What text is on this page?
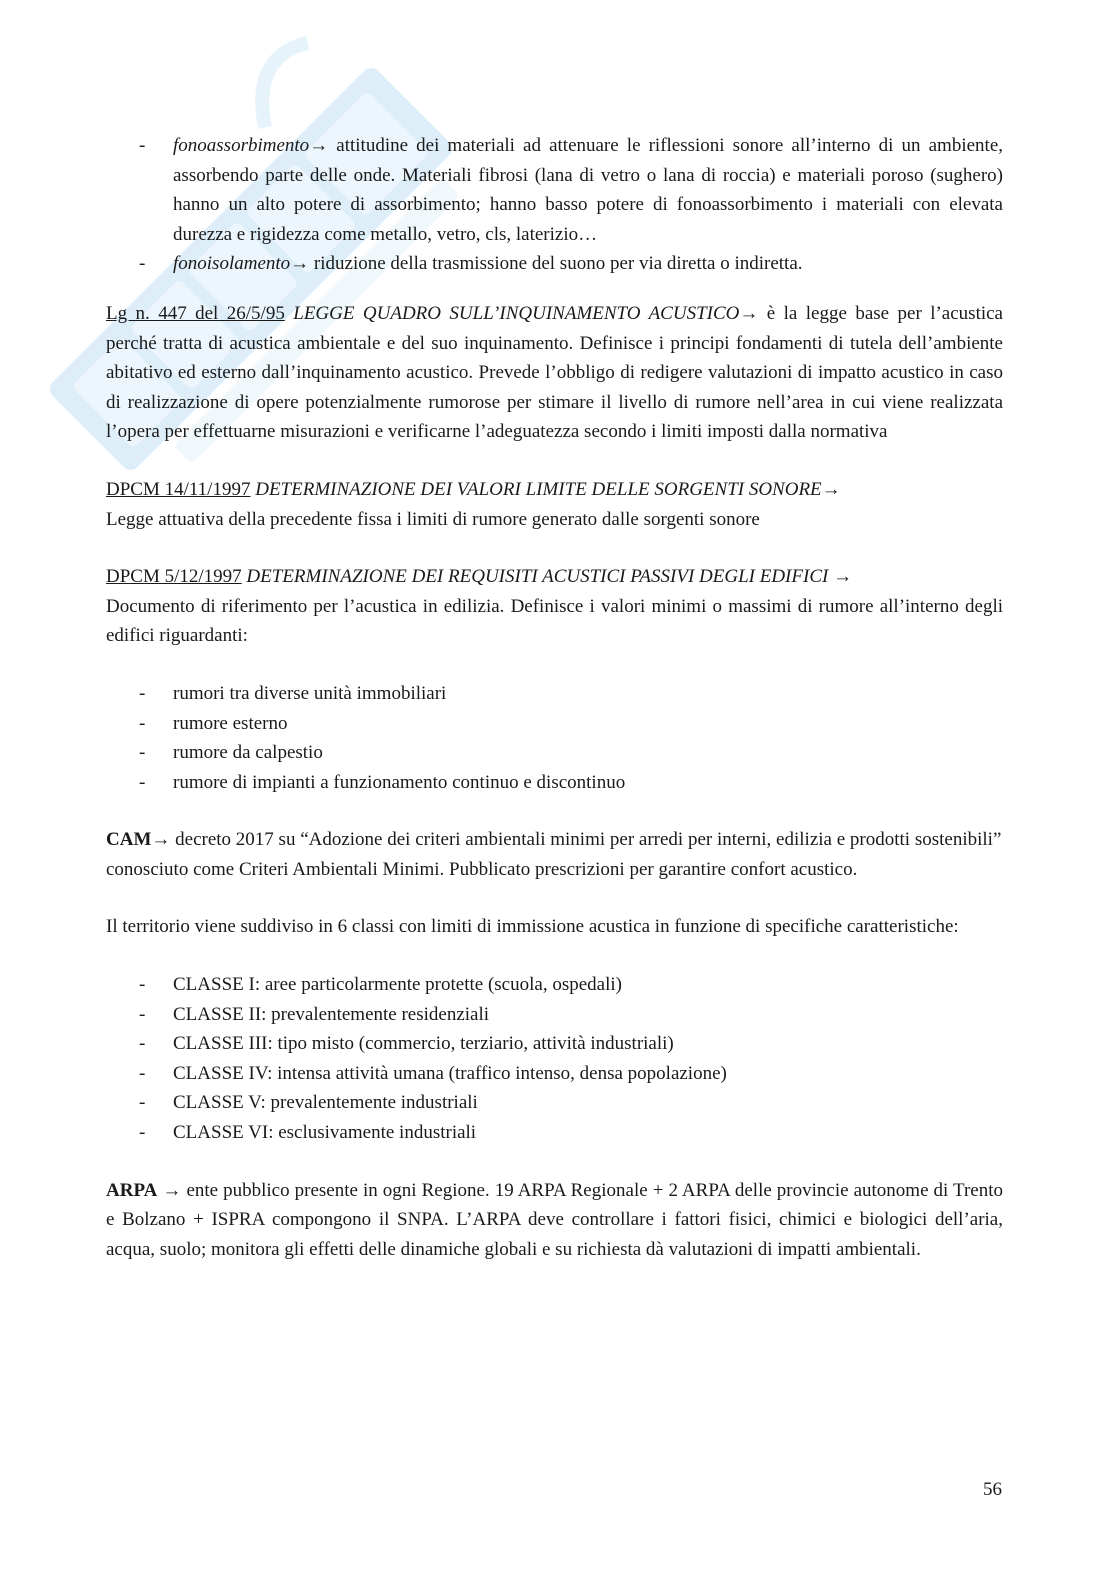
- fonoassorbimento→ attitudine dei materiali ad attenuare le riflessioni sonore all’interno di un ambiente, assorbendo parte delle onde. Materiali fibrosi (lana di vetro o lana di roccia) e materiali poroso (sughero) hanno un alto potere di assorbimento; hanno basso potere di fonoassorbimento i materiali con elevata durezza e rigidezza come metallo, vetro, cls, laterizio…
- fonoisolamento→ riduzione della trasmissione del suono per via diretta o indiretta.

Lg n. 447 del 26/5/95 LEGGE QUADRO SULL’INQUINAMENTO ACUSTICO→ è la legge base per l’acustica perché tratta di acustica ambientale e del suo inquinamento. Definisce i principi fondamenti di tutela dell’ambiente abitativo ed esterno dall’inquinamento acustico. Prevede l’obbligo di redigere valutazioni di impatto acustico in caso di realizzazione di opere potenzialmente rumorose per stimare il livello di rumore nell’area in cui viene realizzata l’opera per effettuarne misurazioni e verificarne l’adeguatezza secondo i limiti imposti dalla normativa

DPCM 14/11/1997 DETERMINAZIONE DEI VALORI LIMITE DELLE SORGENTI SONORE→
Legge attuativa della precedente fissa i limiti di rumore generato dalle sorgenti sonore

DPCM 5/12/1997 DETERMINAZIONE DEI REQUISITI ACUSTICI PASSIVI DEGLI EDIFICI →
Documento di riferimento per l’acustica in edilizia. Definisce i valori minimi o massimi di rumore all’interno degli edifici riguardanti:

- rumori tra diverse unità immobiliari
- rumore esterno
- rumore da calpestio
- rumore di impianti a funzionamento continuo e discontinuo

CAM→ decreto 2017 su “Adozione dei criteri ambientali minimi per arredi per interni, edilizia e prodotti sostenibili” conosciuto come Criteri Ambientali Minimi. Pubblicato prescrizioni per garantire confort acustico.

Il territorio viene suddiviso in 6 classi con limiti di immissione acustica in funzione di specifiche caratteristiche:

- CLASSE I: aree particolarmente protette (scuola, ospedali)
- CLASSE II: prevalentemente residenziali
- CLASSE III: tipo misto (commercio, terziario, attività industriali)
- CLASSE IV: intensa attività umana (traffico intenso, densa popolazione)
- CLASSE V: prevalentemente industriali
- CLASSE VI: esclusivamente industriali

ARPA → ente pubblico presente in ogni Regione. 19 ARPA Regionale + 2 ARPA delle provincie autonome di Trento e Bolzano + ISPRA compongono il SNPA. L’ARPA deve controllare i fattori fisici, chimici e biologici dell’aria, acqua, suolo; monitora gli effetti delle dinamiche globali e su richiesta dà valutazioni di impatti ambientali.

56
